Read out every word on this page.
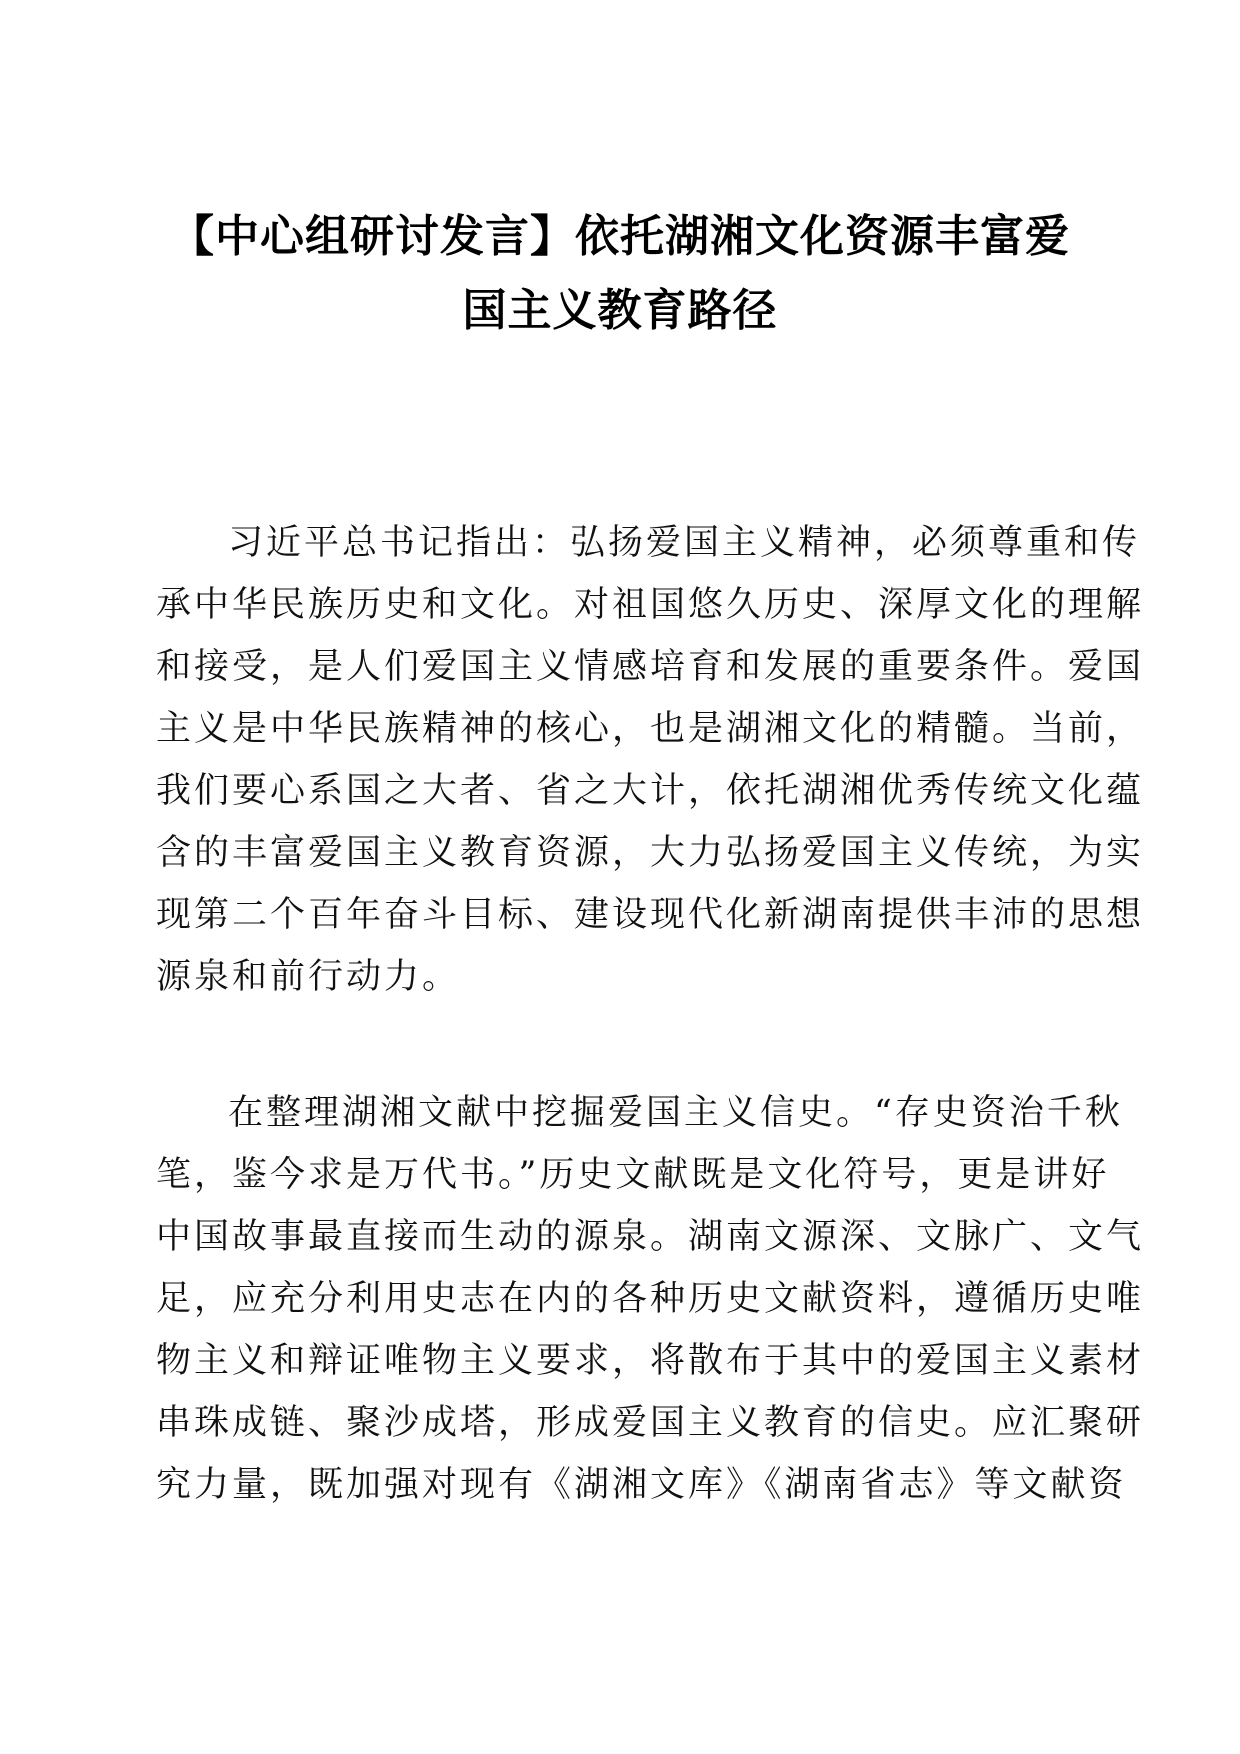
【中心组研讨发言】依托湖湘文化资源丰富爱
国主义教育路径
习近平总书记指出：弘扬爱国主义精神，必须尊重和传
承中华民族历史和文化。对祖国悠久历史、深厚文化的理解
和接受，是人们爱国主义情感培育和发展的重要条件。爱国
主义是中华民族精神的核心，也是湖湘文化的精髓。当前，
我们要心系国之大者、省之大计，依托湖湘优秀传统文化蕴
含的丰富爱国主义教育资源，大力弘扬爱国主义传统，为实
现第二个百年奋斗目标、建设现代化新湖南提供丰沛的思想
源泉和前行动力。
在整理湖湘文献中挖掘爱国主义信史。“存史资治千秋
笔，鉴今求是万代书。”历史文献既是文化符号，更是讲好
中国故事最直接而生动的源泉。湖南文源深、文脉广、文气
足，应充分利用史志在内的各种历史文献资料，遵循历史唯
物主义和辩证唯物主义要求，将散布于其中的爱国主义素材
串珠成链、聚沙成塔，形成爱国主义教育的信史。应汇聚研
究力量，既加强对现有《湖湘文库》《湖南省志》等文献资
